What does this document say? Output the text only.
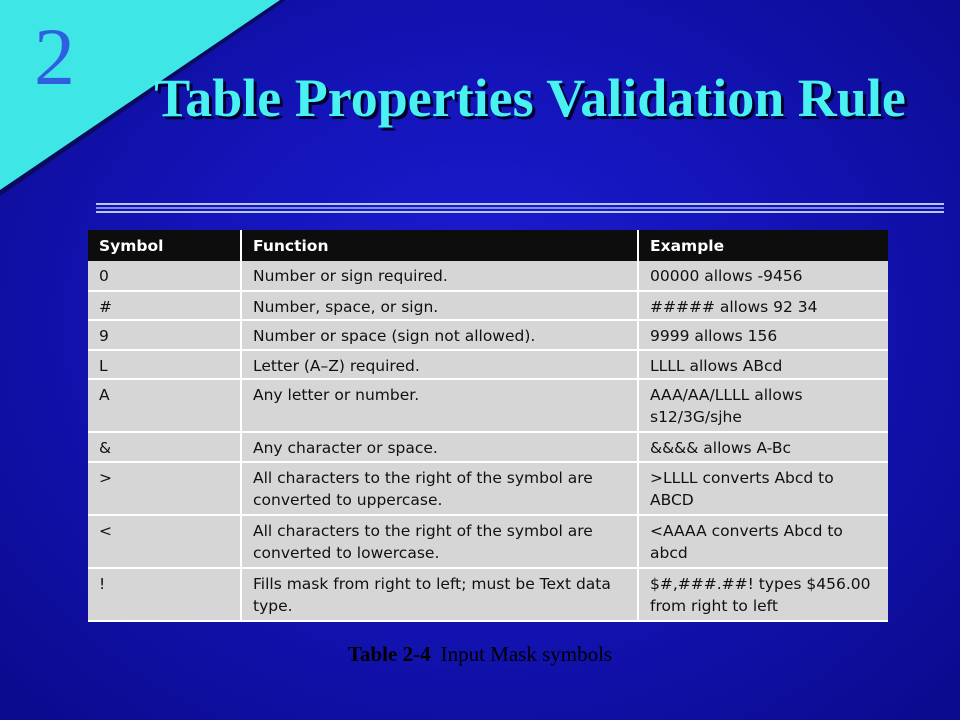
2 Table Properties Validation Rule
Symbol	Function	Example
0	Number or sign required.	00000 allows -9456
#	Number, space, or sign.	##### allows 92 34
9	Number or space (sign not allowed).	9999 allows 156
L	Letter (A–Z) required.	LLLL allows ABcd
A	Any letter or number.	AAA/AA/LLLL allows s12/3G/sjhe
&	Any character or space.	&&&& allows A-Bc
>	All characters to the right of the symbol are converted to uppercase.	>LLLL converts Abcd to ABCD
<	All characters to the right of the symbol are converted to lowercase.	<AAAA converts Abcd to abcd
!	Fills mask from right to left; must be Text data type.	$#,###.##! types $456.00 from right to left
Table 2-4 Input Mask symbols
